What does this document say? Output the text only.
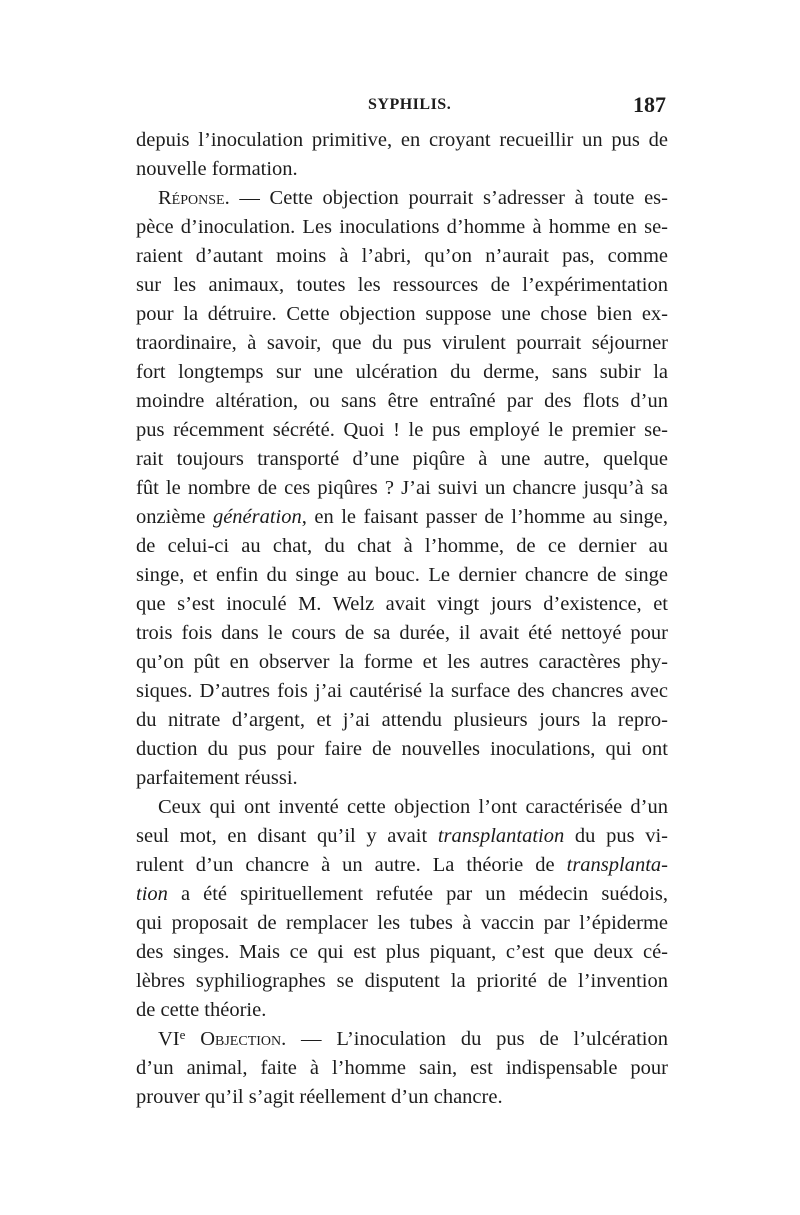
SYPHILIS.	187
depuis l’inoculation primitive, en croyant recueillir un pus de
nouvelle formation.
Réponse. — Cette objection pourrait s’adresser à toute es-
pèce d’inoculation. Les inoculations d’homme à homme en se-
raient d’autant moins à l’abri, qu’on n’aurait pas, comme
sur les animaux, toutes les ressources de l’expérimentation
pour la détruire. Cette objection suppose une chose bien ex-
traordinaire, à savoir, que du pus virulent pourrait séjourner
fort longtemps sur une ulcération du derme, sans subir la
moindre altération, ou sans être entraîné par des flots d’un
pus récemment sécrété. Quoi ! le pus employé le premier se-
rait toujours transporté d’une piqûre à une autre, quelque
fût le nombre de ces piqûres ? J’ai suivi un chancre jusqu’à sa
onzième génération, en le faisant passer de l’homme au singe,
de celui-ci au chat, du chat à l’homme, de ce dernier au
singe, et enfin du singe au bouc. Le dernier chancre de singe
que s’est inoculé M. Welz avait vingt jours d’existence, et
trois fois dans le cours de sa durée, il avait été nettoyé pour
qu’on pût en observer la forme et les autres caractères phy-
siques. D’autres fois j’ai cautérisé la surface des chancres avec
du nitrate d’argent, et j’ai attendu plusieurs jours la repro-
duction du pus pour faire de nouvelles inoculations, qui ont
parfaitement réussi.
Ceux qui ont inventé cette objection l’ont caractérisée d’un
seul mot, en disant qu’il y avait transplantation du pus vi-
rulent d’un chancre à un autre. La théorie de transplanta-
tion a été spirituellement refutée par un médecin suédois,
qui proposait de remplacer les tubes à vaccin par l’épiderme
des singes. Mais ce qui est plus piquant, c’est que deux cé-
lèbres syphiliographes se disputent la priorité de l’invention
de cette théorie.
VIe Objection. — L’inoculation du pus de l’ulcération
d’un animal, faite à l’homme sain, est indispensable pour
prouver qu’il s’agit réellement d’un chancre.
